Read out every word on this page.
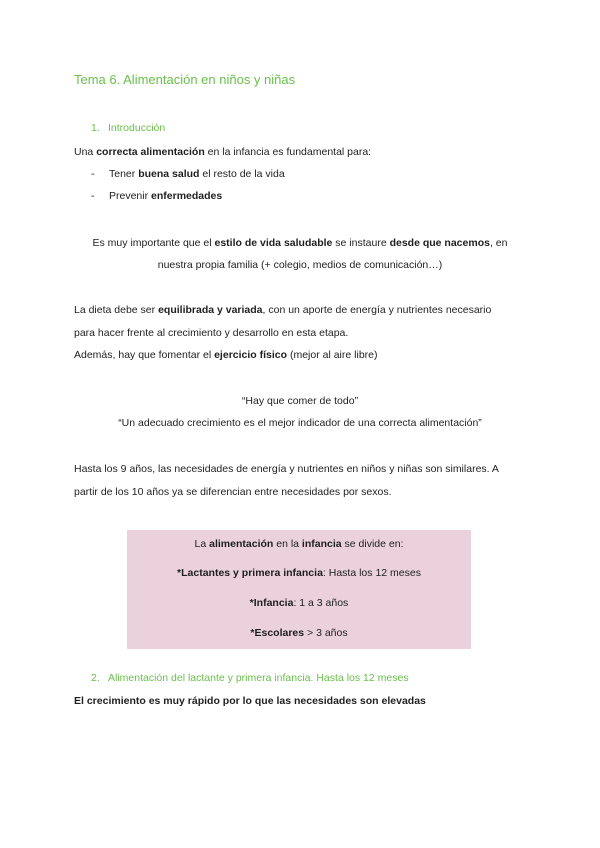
Tema 6. Alimentación en niños y niñas
1. Introducción
Una correcta alimentación en la infancia es fundamental para:
- Tener buena salud el resto de la vida
- Prevenir enfermedades
Es muy importante que el estilo de vida saludable se instaure desde que nacemos, en
nuestra propia familia (+ colegio, medios de comunicación…)
La dieta debe ser equilibrada y variada, con un aporte de energía y nutrientes necesario
para hacer frente al crecimiento y desarrollo en esta etapa.
Además, hay que fomentar el ejercicio físico (mejor al aire libre)
“Hay que comer de todo”
“Un adecuado crecimiento es el mejor indicador de una correcta alimentación”
Hasta los 9 años, las necesidades de energía y nutrientes en niños y niñas son similares. A
partir de los 10 años ya se diferencian entre necesidades por sexos.
La alimentación en la infancia se divide en:
*Lactantes y primera infancia: Hasta los 12 meses
*Infancia: 1 a 3 años
*Escolares > 3 años
2. Alimentación del lactante y primera infancia. Hasta los 12 meses
El crecimiento es muy rápido por lo que las necesidades son elevadas
